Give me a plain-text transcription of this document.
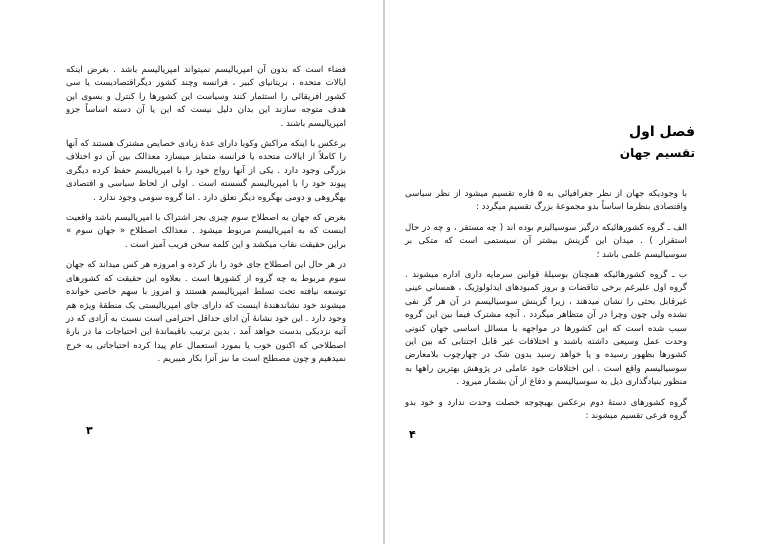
فضاء است که بدون آن امپریالیسم نمیتواند امپریالیسم باشد . بغرض اینکه ایالات متحده ، بریتانیای کبیر ، فرانسه وچند کشور دیگراقتصادیست یا سی کشور افریقائی را استثمار کنند وسیاست این کشورها را کنترل و بسوی این هدف متوجه سازند این بدان دلیل نیست که این یا آن دسته اساساً جزو امپریالیسم باشند .

برعکس با اینکه مراکش وکوبا دارای عدهٔ زیادی خصایص مشترک هستند که آنها را کاملاً از ایالات متحده یا فرانسه متمایز میسازد معذالک بین آن دو اختلاف بزرگی وجود دارد . یکی از آنها رواج خود را با امپریالیسم حفظ کرده دیگری پیوند خود را با امپریالیسم گسسته است . اولی از لحاظ سیاسی و اقتصادی بهگروهی و دومی بهگروه دیگر تعلق دارد . اما گروه سومی وجود ندارد .

بغرض که جهان به اصطلاح سوم چیزی بجز اشتراک با امپریالیسم باشد واقعیت اینست که به امپریالیسم مربوط میشود . معذالک اصطلاح « جهان سوم » براین حقیقت نقاب میکشد و این کلمه سخن فریب آمیز است .

در هر حال این اصطلاح جای خود را باز کرده و امروزه هر کس میداند که جهان سوم مربوط به چه گروه از کشورها است . بعلاوه این حقیقت که کشورهای توسعه نیافته تحت تسلط امپریالیسم هستند و امروز با سهم خاصی خوانده میشوند خود نشاندهندهٔ اینست که دارای جای امپریالیستی یک منطقهٔ ویژه هم وجود دارد . این خود نشانهٔ آن ادای حداقل احترامی است نسبت به آزادی که در آتیه نزدیکی بدست خواهد آمد . بدین ترتیب باقیماندهٔ این احتیاجات ما در بارهٔ اصطلاحی که اکنون خوب یا بمورد استعمال عام پیدا کرده احتیاجاتی به خرج نمیدهیم و چون مصطلح است ما نیز آنرا بکار میبریم .

۳
فصل اول
تقسیم جهان

با وجودیکه جهان از نظر جغرافیائی به ۵ قاره تقسیم میشود از نظر سیاسی واقتصادی بنظرما اساساً بدو مجموعهٔ بزرگ تقسیم میگردد :

الف ـ گروه کشورهائیکه درگیر سوسیالیزم بوده اند ( چه مستقر ، و چه در حال استقرار ) . میدان این گزینش بیشتر آن سیستمی است که متکی بر سوسیالیسم علمی باشد ؛

ب ـ گروه کشورهائیکه همچنان بوسیلهٔ قوانین سرمایه داری اداره میشوند . گروه اول علیرغم برخی تناقضات و بروز کمبودهای ایدئولوژیک ، همسانی عینی غیرقابل بحثی را نشان میدهند ، زیرا گزینش سوسیالیسم در آن هر گز نفی نشده ولی چون وچرا در آن متظاهر میگردد . آنچه مشترک فیما بین این گروه سبب شده است که این کشورها در مواجهه با مسائل اساسی جهان کنونی وحدت عمل وسیعی داشته باشند و اختلافات غیر قابل اجتنابی که بین این کشورها بظهور رسیده و یا خواهد رسید بدون شک در چهارچوب بلامعارض سوسیالیسم واقع است . این اختلافات خود عاملی در پژوهش بهترین راهها به منظور بنیادگذاری ذیل به سوسیالیسم و دفاع از آن بشمار میرود .

گروه کشورهای دستهٔ دوم برعکس بهیچوجه خصلت وحدت ندارد و خود بدو گروه فرعی تقسیم میشوند :

۴
